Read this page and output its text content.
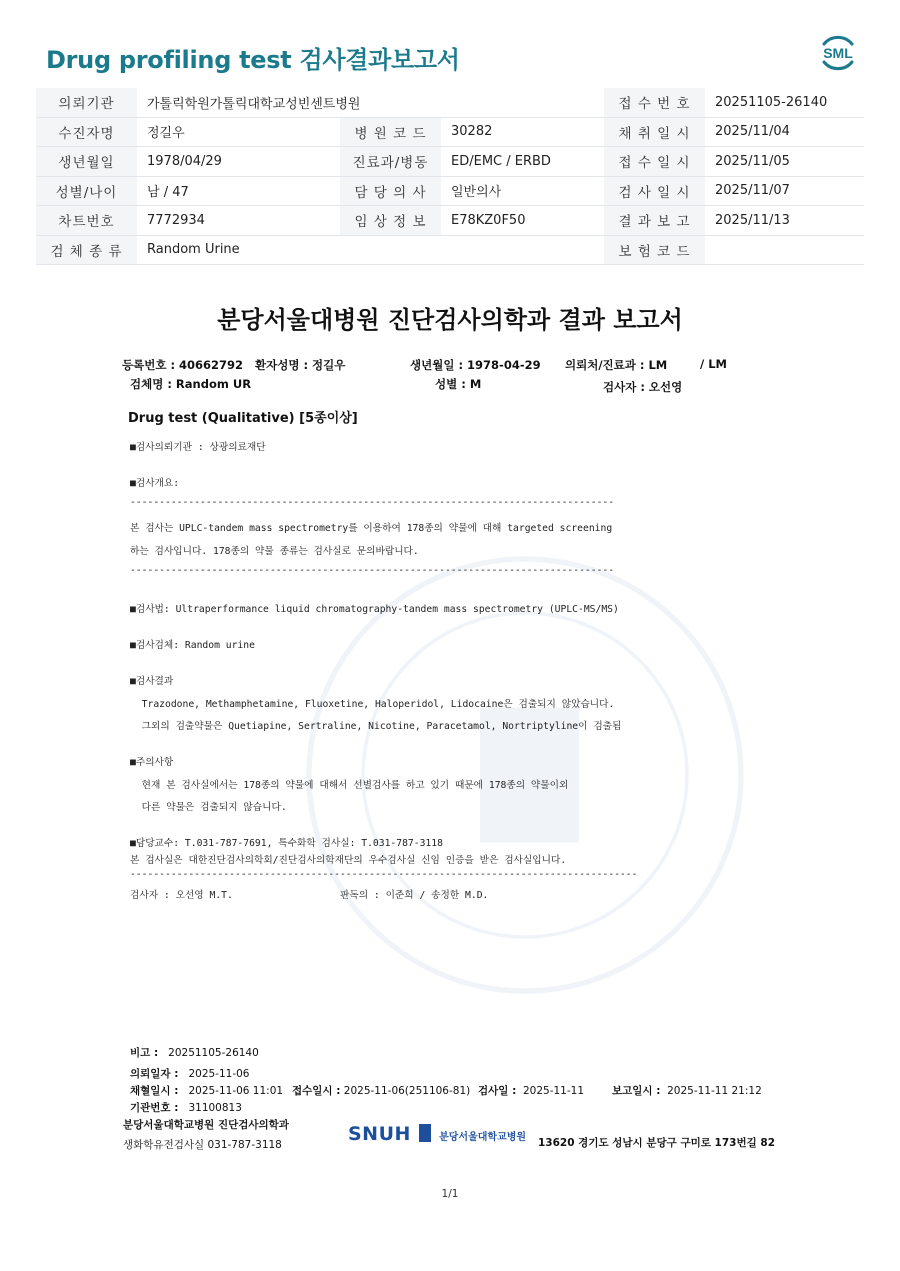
Drug profiling test 검사결과보고서	SML
의뢰기관	가톨릭학원가톨릭대학교성빈센트병원			접 수 번 호	20251105-26140
수진자명	정길우	병 원 코 드	30282	채 취 일 시	2025/11/04
생년월일	1978/04/29	진료과/병동	ED/EMC / ERBD	접 수 일 시	2025/11/05
성별/나이	남 / 47	담 당 의 사	일반의사	검 사 일 시	2025/11/07
차트번호	7772934	임 상 정 보	E78KZ0F50	결 과 보 고	2025/11/13
검 체 종 류	Random Urine			보 험 코 드	
분당서울대병원 진단검사의학과 결과 보고서
등록번호 : 40662792 환자성명 : 정길우	생년월일 : 1978-04-29 의뢰처/진료과 : LM	/ LM
검체명 : Random UR	성별 : M	검사자 : 오선영
Drug test (Qualitative) [5종이상]
■검사의뢰기관 : 상광의료재단
■검사개요:
-----------------------------------------------------------------------------------
본 검사는 UPLC-tandem mass spectrometry를 이용하여 178종의 약물에 대해 targeted screening
하는 검사입니다. 178종의 약물 종류는 검사실로 문의바랍니다.
-----------------------------------------------------------------------------------
■검사법: Ultraperformance liquid chromatography-tandem mass spectrometry (UPLC-MS/MS)
■검사검체: Random urine
■검사결과
Trazodone, Methamphetamine, Fluoxetine, Haloperidol, Lidocaine은 검출되지 않았습니다.
그외의 검출약물은 Quetiapine, Sertraline, Nicotine, Paracetamol, Nortriptyline이 검출됨
■주의사항
현재 본 검사실에서는 178종의 약물에 대해서 선별검사를 하고 있기 때문에 178종의 약물이외
다른 약물은 검출되지 않습니다.
■담당교수: T.031-787-7691, 특수화학 검사실: T.031-787-3118
본 검사실은 대한진단검사의학회/진단검사의학재단의 우수검사실 신임 인증을 받은 검사실입니다.
---------------------------------------------------------------------------------------
검사자 : 오선영 M.T.	판독의 : 이준희 / 송정한 M.D.
비고 : 20251105-26140
의뢰일자 : 2025-11-06
채혈일시 : 2025-11-06 11:01 접수일시 : 2025-11-06(251106-81) 검사일 : 2025-11-11	보고일시 : 2025-11-11 21:12
기관번호 : 31100813
분당서울대학교병원 진단검사의학과
생화학유전검사실 031-787-3118	SNUH	분당서울대학교병원 13620 경기도 성남시 분당구 구미로 173번길 82
1/1
